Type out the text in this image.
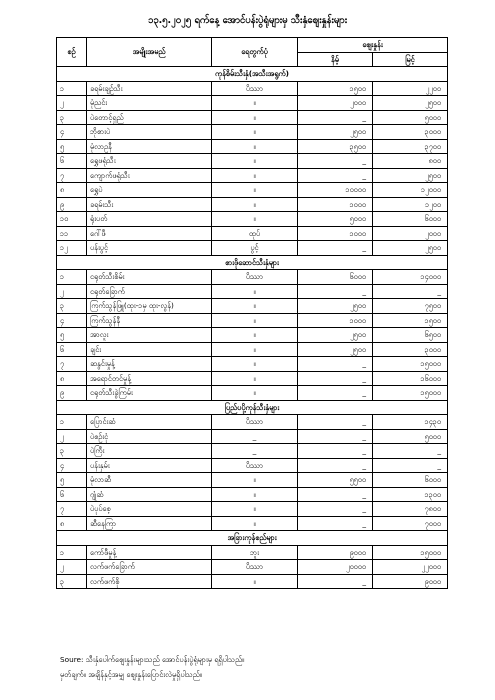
၁၃.၅.၂၀၂၅ ရက်နေ့ အောင်ပန်းပွဲရုံများမှ သီးနှံဈေးနှုန်းများ
စဉ်	အမျိုးအမည်	ရေတွက်ပုံ	ဈေးနှုန်း	
			နိမ့်	မြင့်
ကုန်စိမ်းသီးနှံ(အသီးအရွက်)				
၁	ခရမ်းချဉ်သီး	ပိဿာ	၁၅၀၀	၂၂၀၀
၂	မုံညင်း	။	၂၀၀၀	၂၅၀၀
၃	ပဲတောင့်ရှည်	။	_	၅၀၀၀
၄	ဘိုစားပဲ	။	၂၅၀၀	၃၀၀၀
၅	မုံလာဥနီ	။	၃၅၀၀	၃၇၀၀
၆	ရွှေဖရုံသီး	။	_	၈၀၀
၇	ကျောက်ဖရုံသီး	။	_	၂၅၀၀
၈	ရွှေပဲ	။	၁၀၀၀၀	၁၂၀၀၀
၉	ခရမ်းသီး	။	၁၀၀၀	၁၂၀၀
၁၀	ရုံးပတ်	။	၅၀၀၀	၆၀၀၀
၁၁	ဂေါ်ဖီ	ထုပ်	၁၀၀၀	၂၀၀၀
၁၂	ပန်းပွင့်	ပွင့်	_	၂၅၀၀
စားဖိုဆောင်သီးနှံများ				
၁	ငရုတ်သီးစိမ်း	ပိဿာ	၆၀၀၀	၁၄၀၀၀
၂	ငရုတ်ခြောက်	။	_	_
၃	ကြက်သွန်ဖြူ(ထုး-၁မှ ထုး-လွန်)	။	၂၅၀၀	၇၅၀၀
၄	ကြက်သွန်နီ	။	၁၀၀၀	၁၅၀၀
၅	အာလူး	။	၂၅၀၀	၆၅၀၀
၆	ချင်း	။	၂၅၀၀	၃၀၀၀
၇	ဆနွင်းမှုန့်	။	_	၁၅၀၀၀
၈	အရောင်တင်မှုန့်	။	_	၁၆၀၀၀
၉	ငရုတ်သီးခွဲကြမ်း	။	_	၁၅၀၀၀
ပြည်ပပို့ကုန်သီးနှံများ				
၁	ပြောင်းဆံ	ပိဿာ	_	၁၄၃၀
၂	ပဲစဉ်းငုံ	_	_	၅၀၀၀
၃	ပဲကြီး	_	_	_
၄	ပန်းနှမ်း	ပိဿာ	_	_
၅	မုံလာဆီ	။	၅၅၀၀	၆၀၀၀
၆	ဂျုံဆံ	။	_	၁၃၀၀
၇	ပဲပုပ်စေ့	။	_	၇၈၀၀
၈	ဆီနေကြာ	။	_	၇၀၀၀
အခြားကုန်စည်များ				
၁	ကော်ဖီမှုန့်	ဘူး	၉၀၀၀	၁၅၀၀၀
၂	လက်ဖက်ခြောက်	ပိဿာ	၂၀၀၀၀	၂၂၀၀၀
၃	လက်ဖက်စို	။	_	၉၀၀၀
Soure: သီးနှံပေါက်ဈေးနှုန်းများသည် အောင်ပန်းပွဲရုံများမှ ရရှိပါသည်။
မှတ်ချက်။ အချိန်နှင့်အမျှ ဈေးနှုန်းပြောင်းလဲမှုရှိပါသည်။
